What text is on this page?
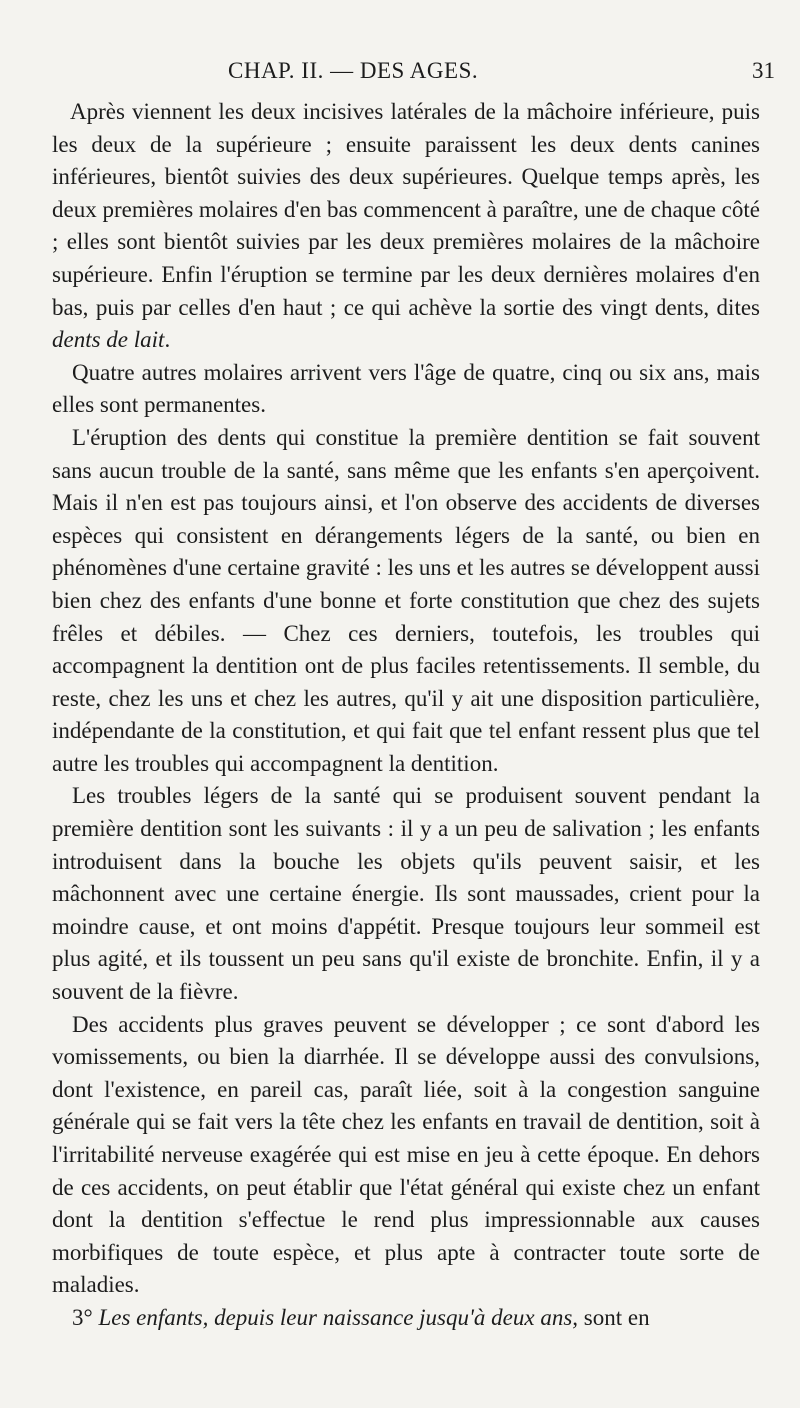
CHAP. II. — DES AGES.	31

Après viennent les deux incisives latérales de la mâchoire inférieure, puis les deux de la supérieure ; ensuite paraissent les deux dents canines inférieures, bientôt suivies des deux supérieures. Quelque temps après, les deux premières molaires d'en bas commencent à paraître, une de chaque côté ; elles sont bientôt suivies par les deux premières molaires de la mâchoire supérieure. Enfin l'éruption se termine par les deux dernières molaires d'en bas, puis par celles d'en haut ; ce qui achève la sortie des vingt dents, dites dents de lait.

Quatre autres molaires arrivent vers l'âge de quatre, cinq ou six ans, mais elles sont permanentes.

L'éruption des dents qui constitue la première dentition se fait souvent sans aucun trouble de la santé, sans même que les enfants s'en aperçoivent. Mais il n'en est pas toujours ainsi, et l'on observe des accidents de diverses espèces qui consistent en dérangements légers de la santé, ou bien en phénomènes d'une certaine gravité : les uns et les autres se développent aussi bien chez des enfants d'une bonne et forte constitution que chez des sujets frêles et débiles. — Chez ces derniers, toutefois, les troubles qui accompagnent la dentition ont de plus faciles retentissements. Il semble, du reste, chez les uns et chez les autres, qu'il y ait une disposition particulière, indépendante de la constitution, et qui fait que tel enfant ressent plus que tel autre les troubles qui accompagnent la dentition.

Les troubles légers de la santé qui se produisent souvent pendant la première dentition sont les suivants : il y a un peu de salivation ; les enfants introduisent dans la bouche les objets qu'ils peuvent saisir, et les mâchonnent avec une certaine énergie. Ils sont maussades, crient pour la moindre cause, et ont moins d'appétit. Presque toujours leur sommeil est plus agité, et ils toussent un peu sans qu'il existe de bronchite. Enfin, il y a souvent de la fièvre.

Des accidents plus graves peuvent se développer ; ce sont d'abord les vomissements, ou bien la diarrhée. Il se développe aussi des convulsions, dont l'existence, en pareil cas, paraît liée, soit à la congestion sanguine générale qui se fait vers la tête chez les enfants en travail de dentition, soit à l'irritabilité nerveuse exagérée qui est mise en jeu à cette époque. En dehors de ces accidents, on peut établir que l'état général qui existe chez un enfant dont la dentition s'effectue le rend plus impressionnable aux causes morbifiques de toute espèce, et plus apte à contracter toute sorte de maladies.

3° Les enfants, depuis leur naissance jusqu'à deux ans, sont en
